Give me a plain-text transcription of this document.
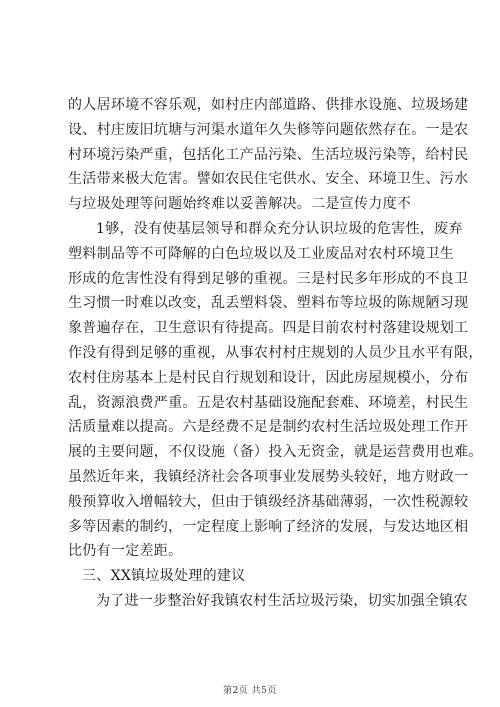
的人居环境不容乐观，如村庄内部道路、供排水设施、垃圾场建
设、村庄废旧坑塘与河渠水道年久失修等问题依然存在。一是农
村环境污染严重，包括化工产品污染、生活垃圾污染等，给村民
生活带来极大危害。譬如农民住宅供水、安全、环境卫生、污水
与垃圾处理等问题始终难以妥善解决。二是宣传力度不
1够，没有使基层领导和群众充分认识垃圾的危害性，废弃
塑料制品等不可降解的白色垃圾以及工业废品对农村环境卫生
形成的危害性没有得到足够的重视。三是村民多年形成的不良卫
生习惯一时难以改变，乱丢塑料袋、塑料布等垃圾的陈规陋习现
象普遍存在，卫生意识有待提高。四是目前农村村落建设规划工
作没有得到足够的重视，从事农村村庄规划的人员少且水平有限，
农村住房基本上是村民自行规划和设计，因此房屋规模小，分布
乱，资源浪费严重。五是农村基础设施配套难、环境差，村民生
活质量难以提高。六是经费不足是制约农村生活垃圾处理工作开
展的主要问题，不仅设施（备）投入无资金，就是运营费用也难。
虽然近年来，我镇经济社会各项事业发展势头较好，地方财政一
般预算收入增幅较大，但由于镇级经济基础薄弱，一次性税源较
多等因素的制约，一定程度上影响了经济的发展，与发达地区相
比仍有一定差距。
三、XX镇垃圾处理的建议
为了进一步整治好我镇农村生活垃圾污染，切实加强全镇农
第2页 共5页
